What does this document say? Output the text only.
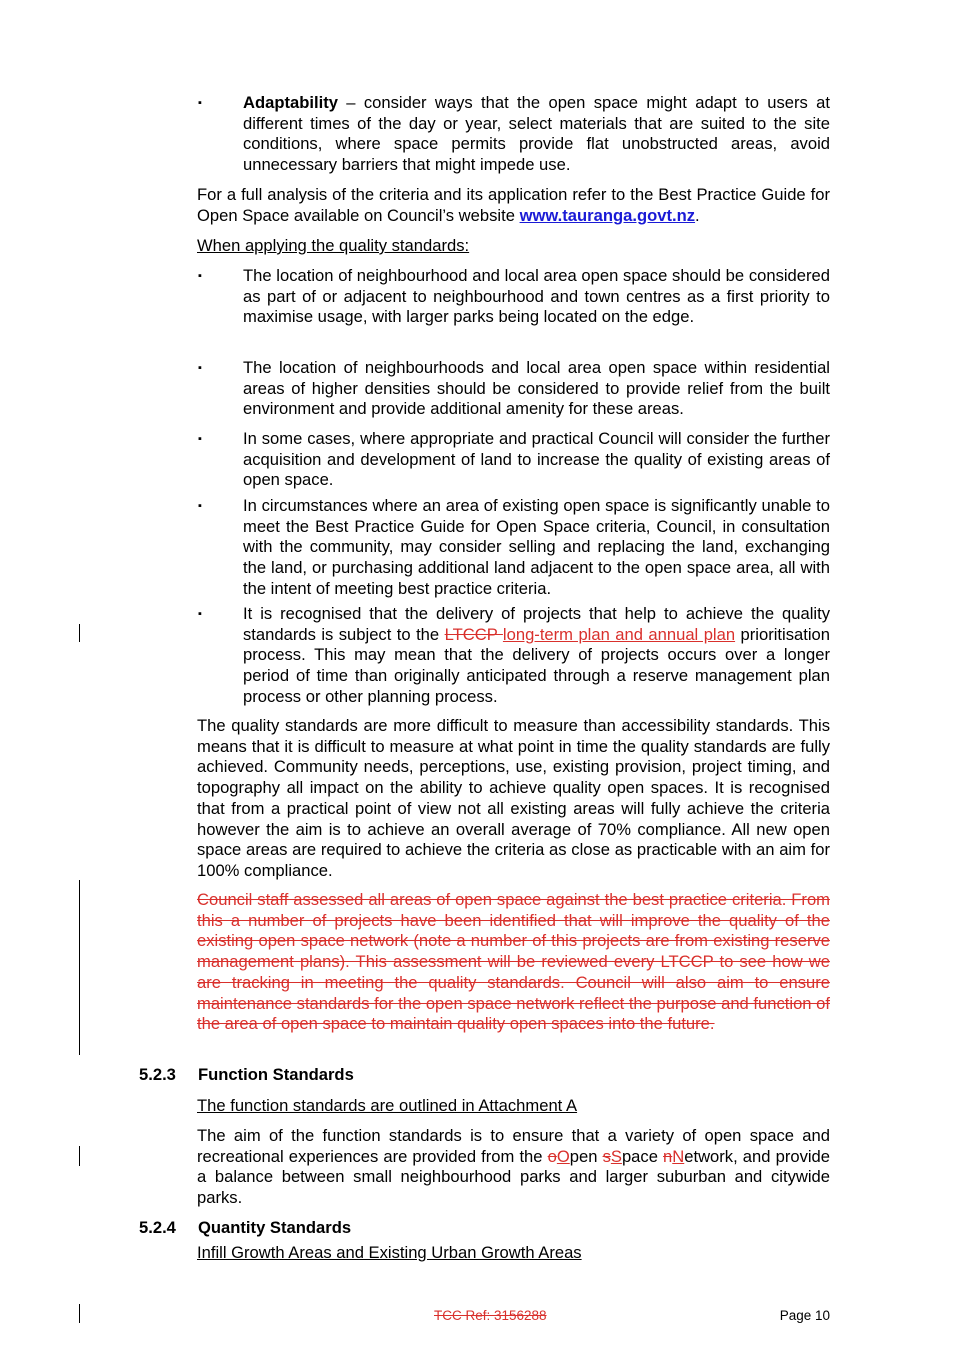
▪ Adaptability – consider ways that the open space might adapt to users at different times of the day or year, select materials that are suited to the site conditions, where space permits provide flat unobstructed areas, avoid unnecessary barriers that might impede use.
For a full analysis of the criteria and its application refer to the Best Practice Guide for Open Space available on Council’s website www.tauranga.govt.nz.
When applying the quality standards:
▪ The location of neighbourhood and local area open space should be considered as part of or adjacent to neighbourhood and town centres as a first priority to maximise usage, with larger parks being located on the edge.
▪ The location of neighbourhoods and local area open space within residential areas of higher densities should be considered to provide relief from the built environment and provide additional amenity for these areas.
▪ In some cases, where appropriate and practical Council will consider the further acquisition and development of land to increase the quality of existing areas of open space.
▪ In circumstances where an area of existing open space is significantly unable to meet the Best Practice Guide for Open Space criteria, Council, in consultation with the community, may consider selling and replacing the land, exchanging the land, or purchasing additional land adjacent to the open space area, all with the intent of meeting best practice criteria.
▪ It is recognised that the delivery of projects that help to achieve the quality standards is subject to the LTCCP long-term plan and annual plan prioritisation process. This may mean that the delivery of projects occurs over a longer period of time than originally anticipated through a reserve management plan process or other planning process.
The quality standards are more difficult to measure than accessibility standards. This means that it is difficult to measure at what point in time the quality standards are fully achieved. Community needs, perceptions, use, existing provision, project timing, and topography all impact on the ability to achieve quality open spaces. It is recognised that from a practical point of view not all existing areas will fully achieve the criteria however the aim is to achieve an overall average of 70% compliance. All new open space areas are required to achieve the criteria as close as practicable with an aim for 100% compliance.
Council staff assessed all areas of open space against the best practice criteria. From this a number of projects have been identified that will improve the quality of the existing open space network (note a number of this projects are from existing reserve management plans). This assessment will be reviewed every LTCCP to see how we are tracking in meeting the quality standards. Council will also aim to ensure maintenance standards for the open space network reflect the purpose and function of the area of open space to maintain quality open spaces into the future.
5.2.3 Function Standards
The function standards are outlined in Attachment A
The aim of the function standards is to ensure that a variety of open space and recreational experiences are provided from the oOpen sSpace nNetwork, and provide a balance between small neighbourhood parks and larger suburban and citywide parks.
5.2.4 Quantity Standards
Infill Growth Areas and Existing Urban Growth Areas
TCC Ref: 3156288	Page 10
